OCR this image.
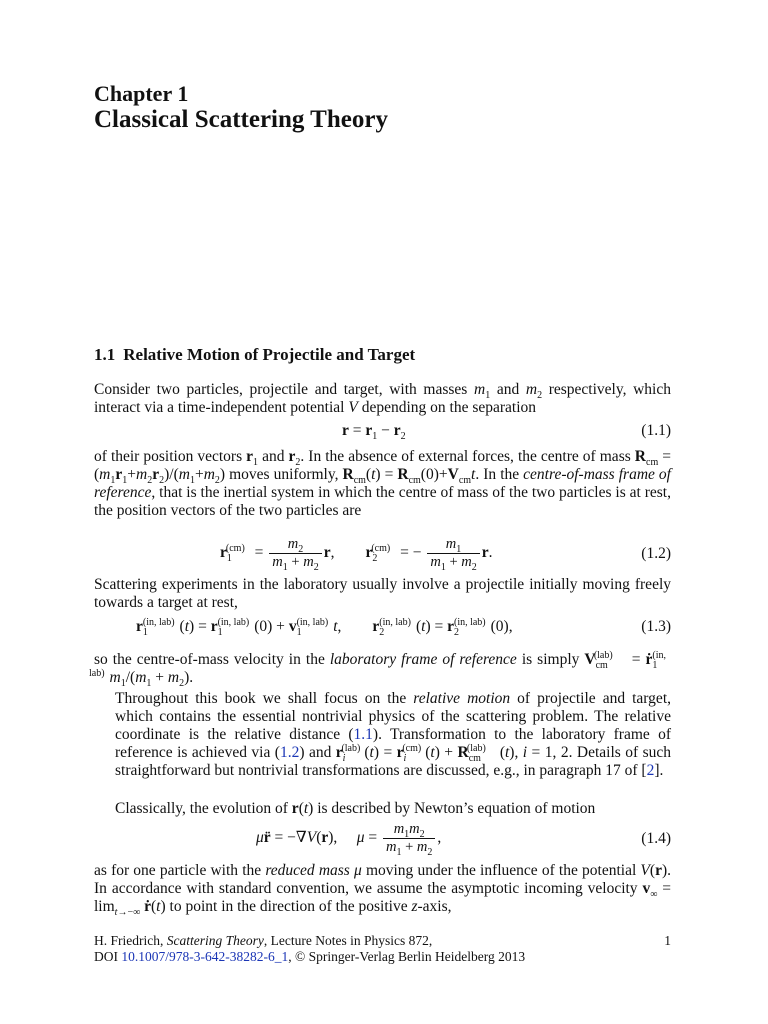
Chapter 1
Classical Scattering Theory
1.1 Relative Motion of Projectile and Target
Consider two particles, projectile and target, with masses $m_1$ and $m_2$ respectively, which interact via a time-independent potential V depending on the separation
$r = r_1 - r_2$	(1.1)
of their position vectors $r_1$ and $r_2$. In the absence of external forces, the centre of mass $R_{cm} = (m_1r_1+m_2r_2)/(m_1+m_2)$ moves uniformly, $R_{cm}(t) = R_{cm}(0)+V_{cm}t$. In the centre-of-mass frame of reference, that is the inertial system in which the centre of mass of the two particles is at rest, the position vectors of the two particles are
$r_1^{(cm)} = \frac{m_2}{m_1 + m_2} r$,        $r_2^{(cm)}$ = − $\frac{m_1}{m_1 + m_2} r$.	(1.2)
Scattering experiments in the laboratory usually involve a projectile initially moving freely towards a target at rest,
$r_1^{(in, lab)}$ $(t) = r_1^{(in, lab)}$ $(0) + v_1^{(in, lab)}$ t,        $r_2^{(in, lab)}$ $(t) = r_2^{(in, lab)}$ (0),	(1.3)
so the centre-of-mass velocity in the laboratory frame of reference is simply $V_{cm}^{(lab)}$ = ṙ$_1^{(in, lab)}$ $m_1/(m_1 + m_2)$.
Throughout this book we shall focus on the relative motion of projectile and target, which contains the essential nontrivial physics of the scattering problem. The relative coordinate is the relative distance (1.1). Transformation to the laboratory frame of reference is achieved via (1.2) and $r_i^{(lab)}$ $(t) = r_i^{(cm)}$ $(t) + R_{cm}^{(lab)}$ (t), i = 1, 2. Details of such straightforward but nontrivial transformations are discussed, e.g., in paragraph 17 of [2].
Classically, the evolution of r(t) is described by Newton’s equation of motion
μr̈ = −∇V(r),     $\mu = \frac{m_1m_2}{m_1 + m_2}$ ,	(1.4)
as for one particle with the reduced mass μ moving under the influence of the potential V(r). In accordance with standard convention, we assume the asymptotic incoming velocity $v_\infty = \lim_{t\to-\infty}$ ṙ(t) to point in the direction of the positive z-axis,
H. Friedrich, Scattering Theory, Lecture Notes in Physics 872,
DOI 10.1007/978-3-642-38282-6_1, © Springer-Verlag Berlin Heidelberg 2013
1
